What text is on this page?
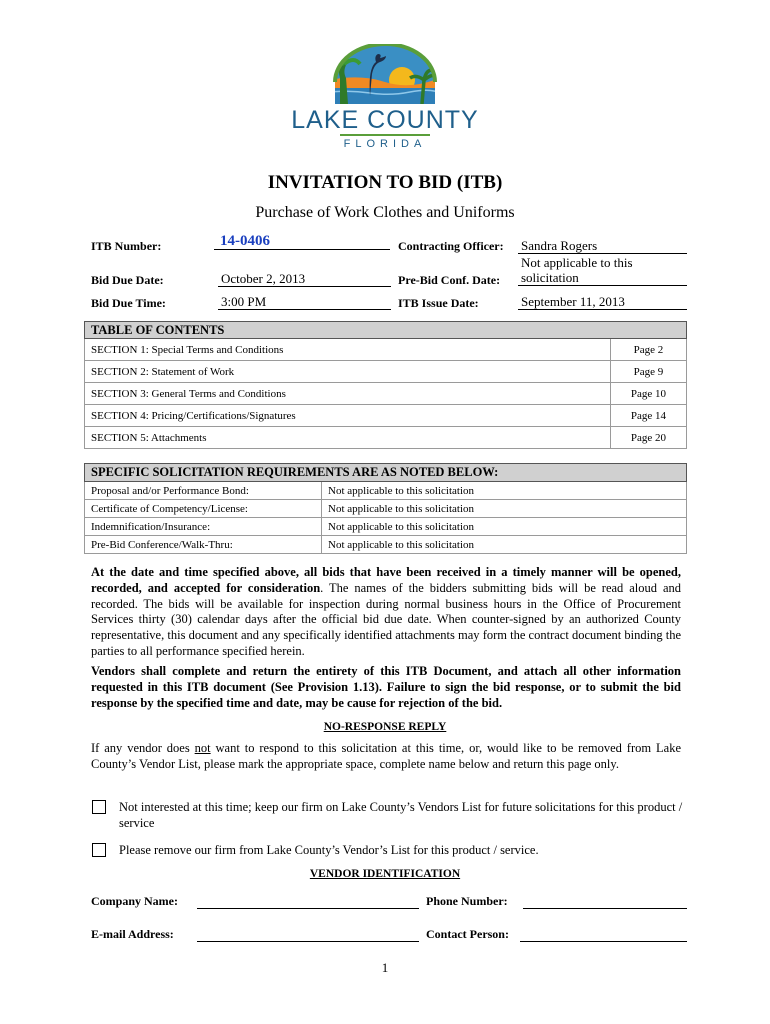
LAKE COUNTY
FLORIDA
INVITATION TO BID (ITB)
Purchase of Work Clothes and Uniforms
ITB Number:	14-0406	Contracting Officer: Sandra Rogers
Bid Due Date:	October 2, 2013	Pre-Bid Conf. Date:
Not applicable to this
solicitation
Bid Due Time:	3:00 PM	ITB Issue Date:	September 11, 2013
TABLE OF CONTENTS	
SECTION 1: Special Terms and Conditions	Page 2
SECTION 2: Statement of Work	Page 9
SECTION 3: General Terms and Conditions	Page 10
SECTION 4: Pricing/Certifications/Signatures	Page 14
SECTION 5: Attachments	Page 20
SPECIFIC SOLICITATION REQUIREMENTS ARE AS NOTED BELOW:	
Proposal and/or Performance Bond:	Not applicable to this solicitation
Certificate of Competency/License:	Not applicable to this solicitation
Indemnification/Insurance:	Not applicable to this solicitation
Pre-Bid Conference/Walk-Thru:	Not applicable to this solicitation
At the date and time specified above, all bids that have been received in a timely manner will be opened, recorded, and accepted for consideration. The names of the bidders submitting bids will be read aloud and recorded. The bids will be available for inspection during normal business hours in the Office of Procurement Services thirty (30) calendar days after the official bid due date. When counter-signed by an authorized County representative, this document and any specifically identified attachments may form the contract document binding the parties to all performance specified herein.
Vendors shall complete and return the entirety of this ITB Document, and attach all other information requested in this ITB document (See Provision 1.13). Failure to sign the bid response, or to submit the bid response by the specified time and date, may be cause for rejection of the bid.
NO-RESPONSE REPLY
If any vendor does not want to respond to this solicitation at this time, or, would like to be removed from Lake County’s Vendor List, please mark the appropriate space, complete name below and return this page only.
Not interested at this time; keep our firm on Lake County’s Vendors List for future solicitations for this product / service
Please remove our firm from Lake County’s Vendor’s List for this product / service.
VENDOR IDENTIFICATION
Company Name:	Phone Number:
E-mail Address:	Contact Person:
1
